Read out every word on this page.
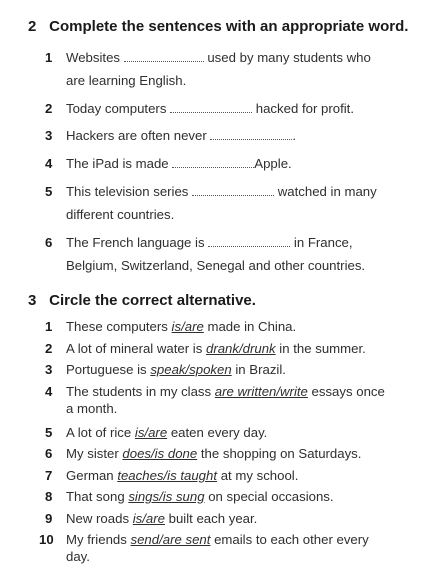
2 Complete the sentences with an appropriate word.
1 Websites	used by many students who
are learning English.
2 Today computers	hacked for profit.
3 Hackers are often never	.
4 The iPad is made	Apple.
5 This television series	watched in many
different countries.
6 The French language is	in France,
Belgium, Switzerland, Senegal and other countries.
3 Circle the correct alternative.
1 These computers is/are made in China.
2 A lot of mineral water is drank/drunk in the summer.
3 Portuguese is speak/spoken in Brazil.
4 The students in my class are written/write essays once
a month.
5 A lot of rice is/are eaten every day.
6 My sister does/is done the shopping on Saturdays.
7 German teaches/is taught at my school.
8 That song sings/is sung on special occasions.
9 New roads is/are built each year.
10 My friends send/are sent emails to each other every
day.
